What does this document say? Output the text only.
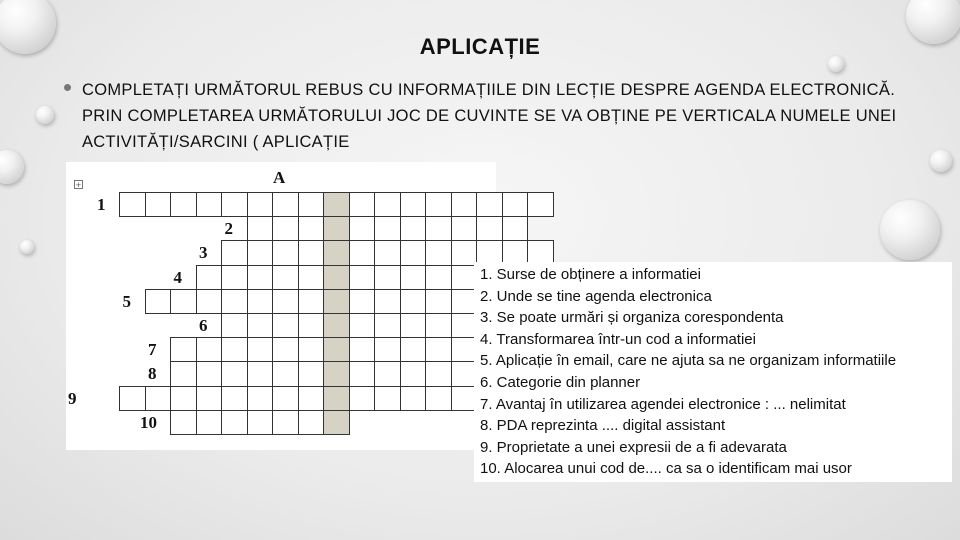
APLICAȚIE
COMPLETAȚI URMĂTORUL REBUS CU INFORMAȚIILE DIN LECȚIE DESPRE AGENDA ELECTRONICĂ. PRIN COMPLETAREA URMĂTORULUI JOC DE CUVINTE SE VA OBȚINE PE VERTICALA NUMELE UNEI ACTIVITĂȚI/SARCINI ( APLICAȚIE
+	A
1
2
3
4
5
6
7
8
9
10
1. Surse de obținere a informatiei
2. Unde se tine agenda electronica
3. Se poate urmări și organiza corespondenta
4. Transformarea într-un cod a informatiei
5. Aplicație în email, care ne ajuta sa ne organizam informatiile
6. Categorie din planner
7. Avantaj în utilizarea agendei electronice : ... nelimitat
8. PDA reprezinta .... digital assistant
9. Proprietate a unei expresii de a fi adevarata
10. Alocarea unui cod de.... ca sa o identificam mai usor
